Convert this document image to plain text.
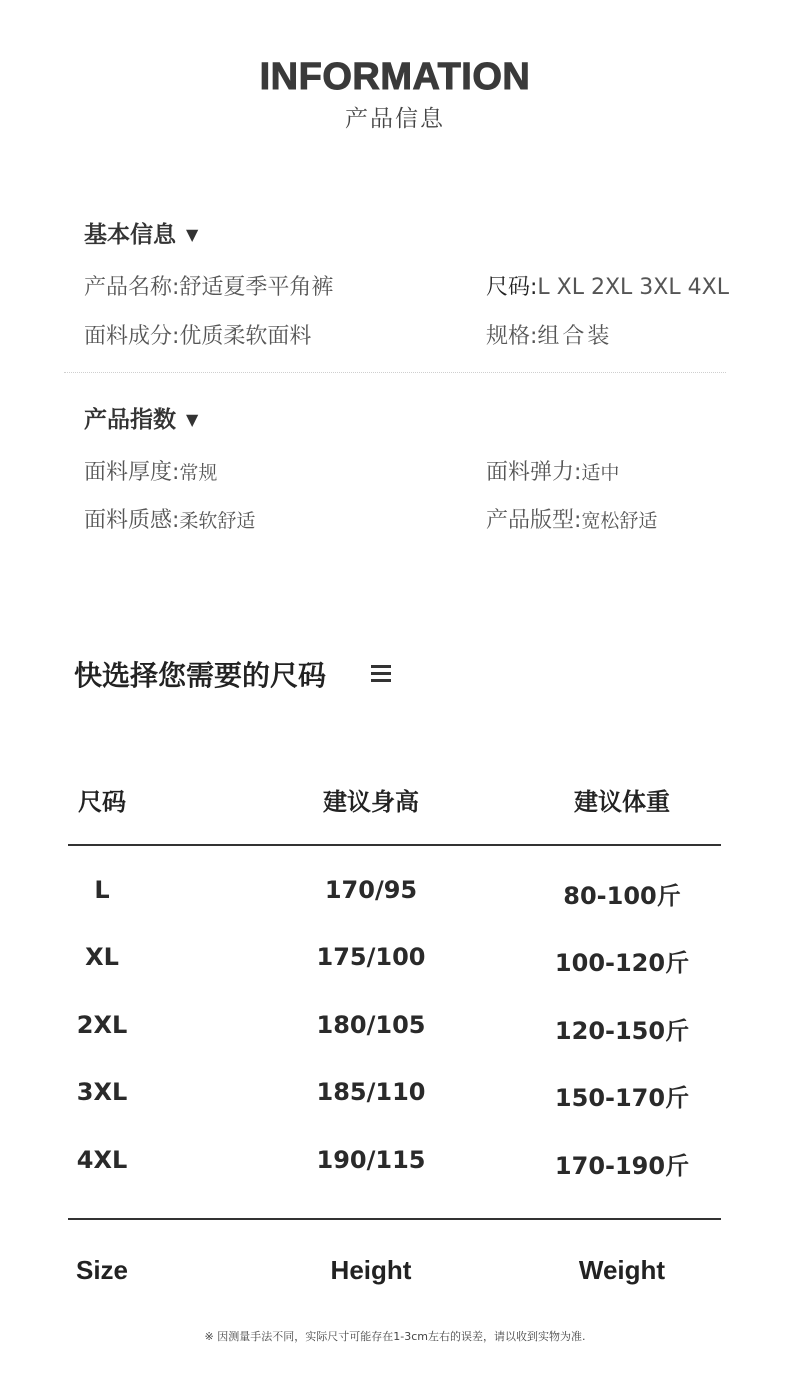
INFORMATION
产品信息
基本信息 ▼
产品名称:舒适夏季平角裤	尺码:L XL 2XL 3XL 4XL
面料成分:优质柔软面料	规格:组合装
产品指数 ▼
面料厚度:常规	面料弹力:适中
面料质感:柔软舒适	产品版型:宽松舒适
快选择您需要的尺码
尺码	建议身高	建议体重
L	170/95	80-100斤
XL	175/100	100-120斤
2XL	180/105	120-150斤
3XL	185/110	150-170斤
4XL	190/115	170-190斤
Size	Height	Weight
※ 因测量手法不同，实际尺寸可能存在1-3cm左右的误差，请以收到实物为准.
